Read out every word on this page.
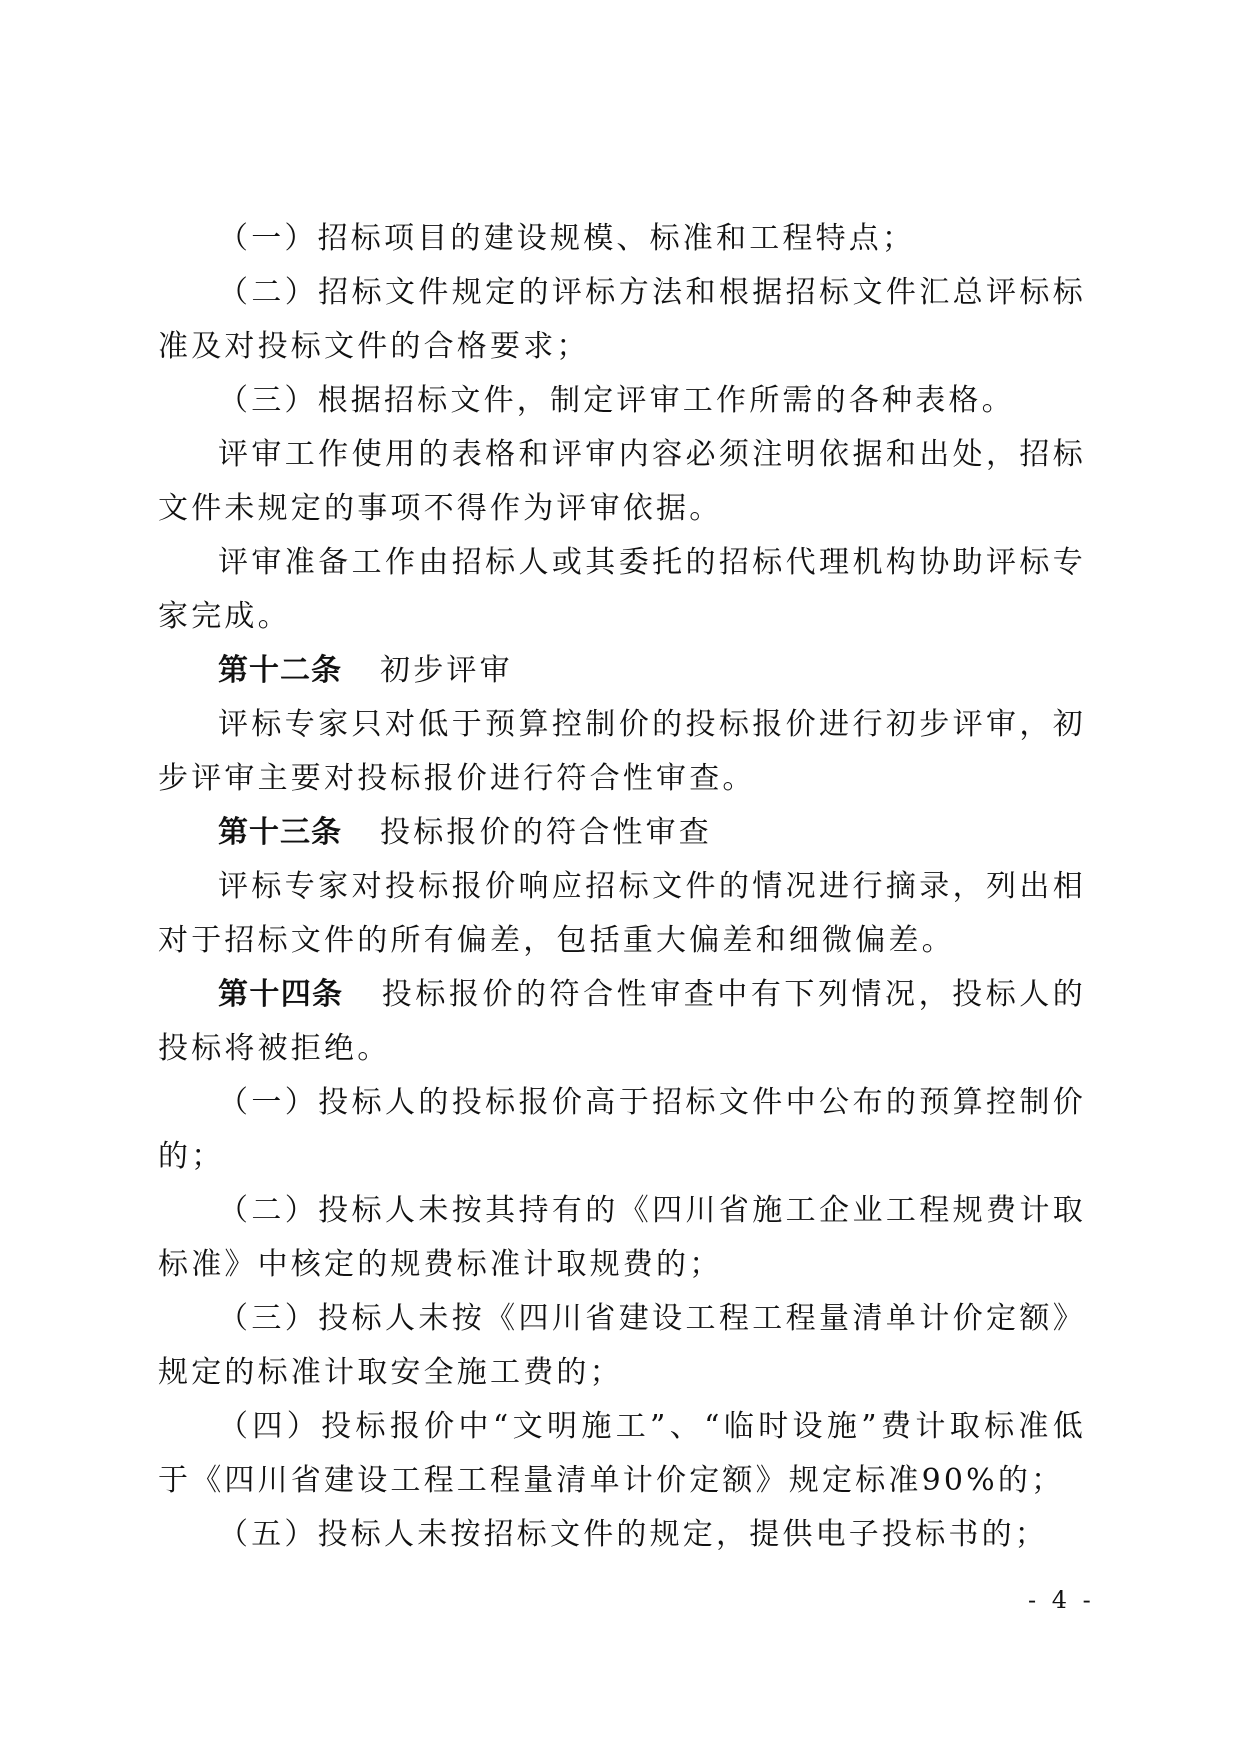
（一）招标项目的建设规模、标准和工程特点；

（二）招标文件规定的评标方法和根据招标文件汇总评标标准及对投标文件的合格要求；

（三）根据招标文件，制定评审工作所需的各种表格。

评审工作使用的表格和评审内容必须注明依据和出处，招标文件未规定的事项不得作为评审依据。

评审准备工作由招标人或其委托的招标代理机构协助评标专家完成。

第十二条 初步评审

评标专家只对低于预算控制价的投标报价进行初步评审，初步评审主要对投标报价进行符合性审查。

第十三条 投标报价的符合性审查

评标专家对投标报价响应招标文件的情况进行摘录，列出相对于招标文件的所有偏差，包括重大偏差和细微偏差。

第十四条 投标报价的符合性审查中有下列情况，投标人的投标将被拒绝。

（一）投标人的投标报价高于招标文件中公布的预算控制价的；

（二）投标人未按其持有的《四川省施工企业工程规费计取标准》中核定的规费标准计取规费的；

（三）投标人未按《四川省建设工程工程量清单计价定额》规定的标准计取安全施工费的；

（四）投标报价中“文明施工”、“临时设施”费计取标准低于《四川省建设工程工程量清单计价定额》规定标准90%的；

（五）投标人未按招标文件的规定，提供电子投标书的；

- 4 -
